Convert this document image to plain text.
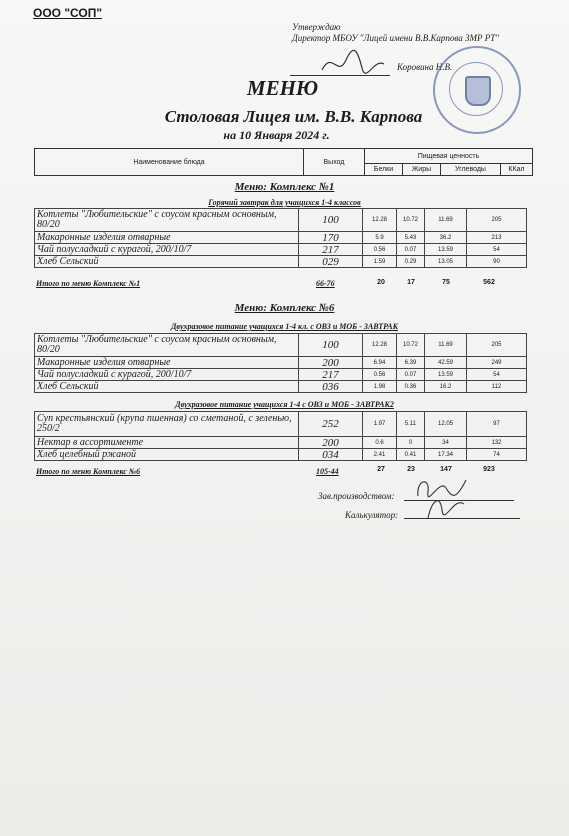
ООО "СОП"
Утверждаю
Директор МБОУ "Лицей имени В.В.Карпова ЗМР РТ"
Коровина Н.В.
МЕНЮ
Столовая Лицея им. В.В. Карпова
на 10 Января 2024 г.
Наименование блюда	Выход	Пищевая ценность			
		Белки	Жиры	Углеводы	ККал
Меню: Комплекс №1
Горячий завтрак для учащихся 1-4 классов
Котлеты "Любительские" с соусом красным основным, 80/20	100	12.28	10.72	11.69	205
Макаронные изделия отварные	170	5.9	5.43	36.2	213
Чай полусладкий с курагой, 200/10/7	217	0.56	0.07	13.59	54
Хлеб Сельский	029	1.59	0.29	13.05	90
Итого по меню Комплекс №1	66-76	20	17	75	562
Меню: Комплекс №6
Двухразовое питание учащихся 1-4 кл. с ОВЗ и МОБ - ЗАВТРАК
Котлеты "Любительские" с соусом красным основным, 80/20	100	12.28	10.72	11.69	205
Макаронные изделия отварные	200	6.94	6.39	42.59	249
Чай полусладкий с курагой, 200/10/7	217	0.56	0.07	13.59	54
Хлеб Сельский	036	1.98	0.36	16.2	112
Двухразовое питание учащихся 1-4 с ОВЗ и МОБ - ЗАВТРАК2
Суп крестьянский (крупа пшенная) со сметаной, с зеленью, 250/2	252	1.97	5.11	12.05	97
Нектар в ассортименте	200	0.6	0	34	132
Хлеб целебный ржаной	034	2.41	0.41	17.34	74
Итого по меню Комплекс №6	105-44	27	23	147	923
Зав.производством:
Калькулятор:
